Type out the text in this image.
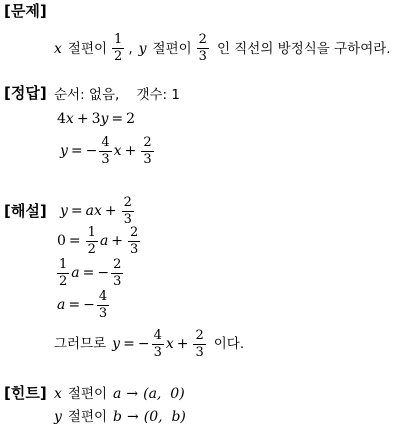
[문제]
x 절편이 $\frac{1}{2}$ , y 절편이 $\frac{2}{3}$ 인 직선의 방정식을 구하여라.
[정답] 순서: 없음,    갯수: 1
4 x + 3 y = 2
y = − $\frac{4}{3}$ $x + \frac{2}{3}$
[해설] y = a $x + \frac{2}{3}$
$0 = \frac{1}{2}$ $a + \frac{2}{3}$
$\frac{1}{2}$ a = − $\frac{2}{3}$
a = − $\frac{4}{3}$
그러므로 y = − $\frac{4}{3}$ $x + \frac{2}{3}$ 이다.
[힌트] x 절편이 a → (a,  0)
y 절편이 b → (0,  b)
